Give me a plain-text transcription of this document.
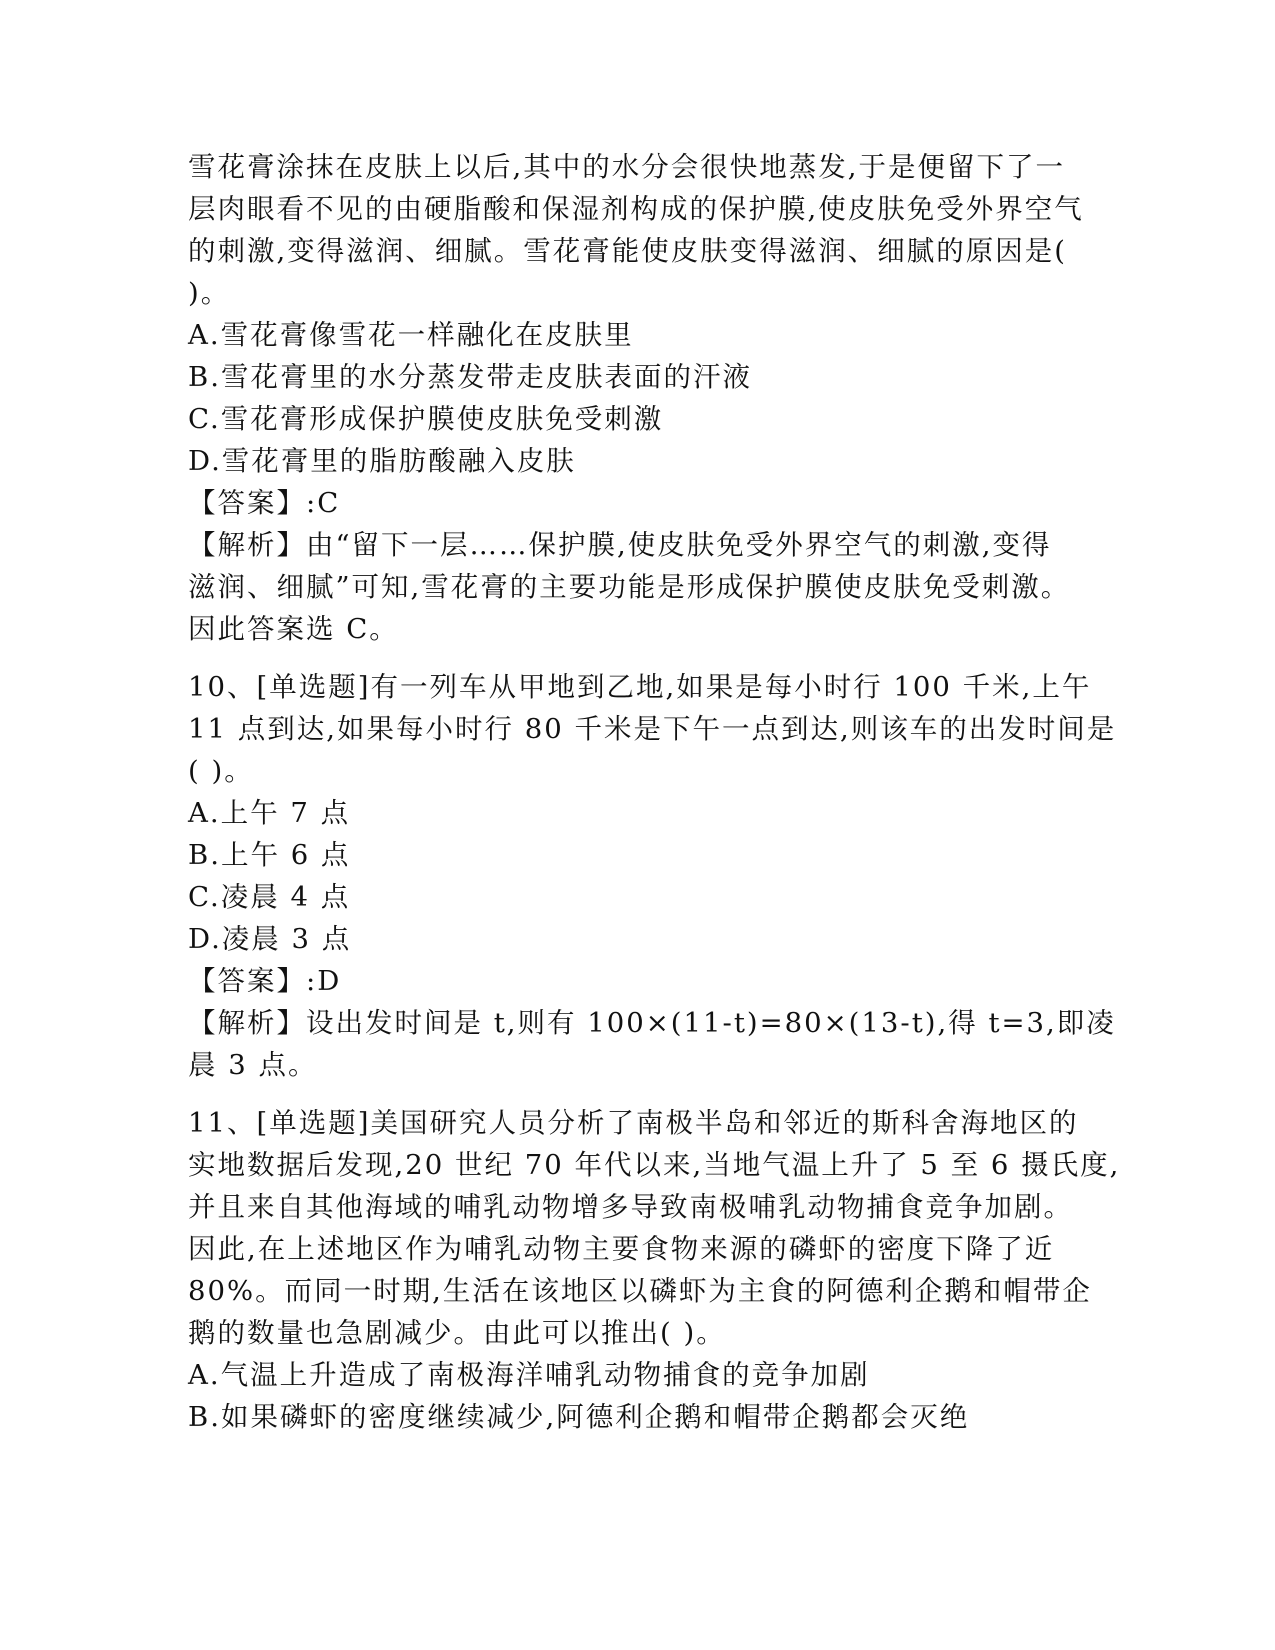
雪花膏涂抹在皮肤上以后,其中的水分会很快地蒸发,于是便留下了一
层肉眼看不见的由硬脂酸和保湿剂构成的保护膜,使皮肤免受外界空气
的刺激,变得滋润、细腻。雪花膏能使皮肤变得滋润、细腻的原因是(
)。
A.雪花膏像雪花一样融化在皮肤里
B.雪花膏里的水分蒸发带走皮肤表面的汗液
C.雪花膏形成保护膜使皮肤免受刺激
D.雪花膏里的脂肪酸融入皮肤
【答案】:C
【解析】由“留下一层……保护膜,使皮肤免受外界空气的刺激,变得
滋润、细腻”可知,雪花膏的主要功能是形成保护膜使皮肤免受刺激。
因此答案选 C。
10、[单选题]有一列车从甲地到乙地,如果是每小时行 100 千米,上午
11 点到达,如果每小时行 80 千米是下午一点到达,则该车的出发时间是
( )。
A.上午 7 点
B.上午 6 点
C.凌晨 4 点
D.凌晨 3 点
【答案】:D
【解析】设出发时间是 t,则有 100×(11-t)=80×(13-t),得 t=3,即凌
晨 3 点。
11、[单选题]美国研究人员分析了南极半岛和邻近的斯科舍海地区的
实地数据后发现,20 世纪 70 年代以来,当地气温上升了 5 至 6 摄氏度,
并且来自其他海域的哺乳动物增多导致南极哺乳动物捕食竞争加剧。
因此,在上述地区作为哺乳动物主要食物来源的磷虾的密度下降了近
80%。而同一时期,生活在该地区以磷虾为主食的阿德利企鹅和帽带企
鹅的数量也急剧减少。由此可以推出( )。
A.气温上升造成了南极海洋哺乳动物捕食的竞争加剧
B.如果磷虾的密度继续减少,阿德利企鹅和帽带企鹅都会灭绝
